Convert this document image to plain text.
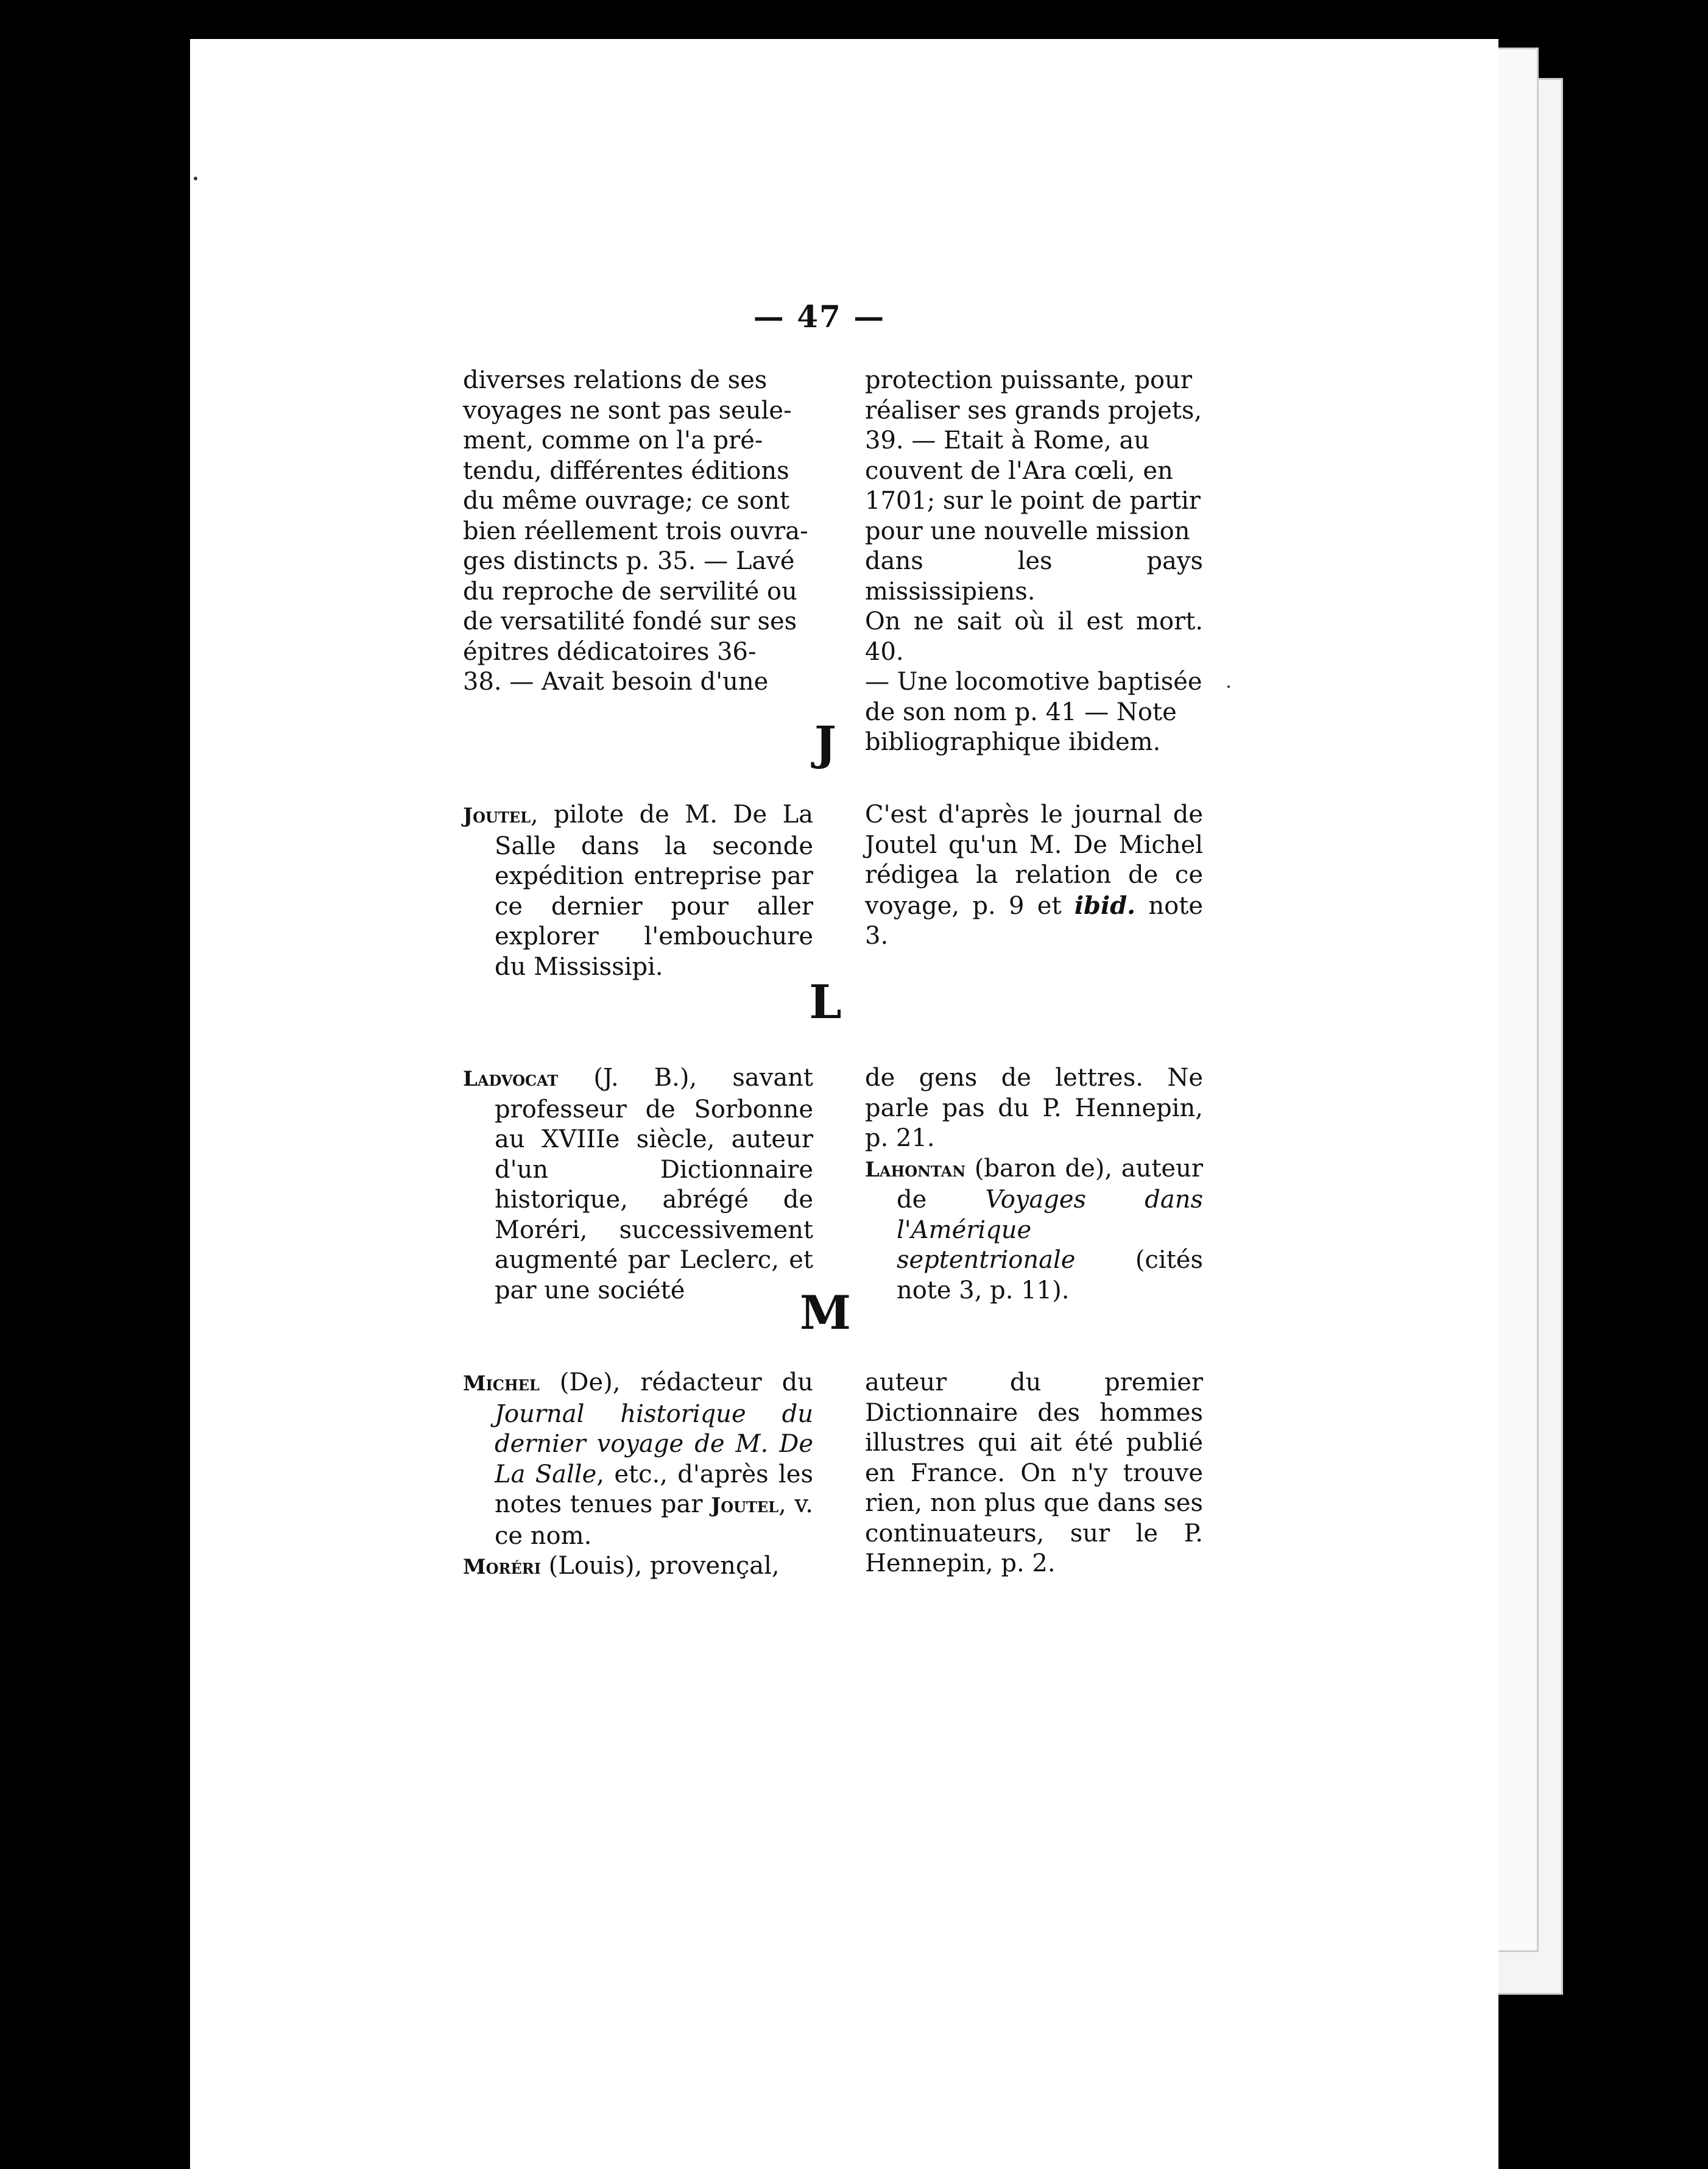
— 47 —

diverses relations de ses

voyages ne sont pas seule-

ment, comme on l'a pré-

tendu, différentes éditions

du même ouvrage; ce sont

bien réellement trois ouvra-

ges distincts p. 35. — Lavé

du reproche de servilité ou

de versatilité fondé sur ses

épitres dédicatoires 36-

38. — Avait besoin d'une

protection puissante, pour

réaliser ses grands projets,

39. — Etait à Rome, au

couvent de l'Ara cœli, en

1701; sur le point de partir

pour une nouvelle mission

dans les pays mississipiens.

On ne sait où il est mort. 40.

— Une locomotive baptisée

de son nom p. 41 — Note

bibliographique ibidem.

J

Joutel, pilote de M. De La Salle dans la seconde expédition entreprise par ce dernier pour aller explorer l'embouchure du Mississipi.

C'est d'après le journal de Joutel qu'un M. De Michel rédigea la relation de ce voyage, p. 9 et ibid. note 3.

L

Ladvocat (J. B.), savant professeur de Sorbonne au XVIIIe siècle, auteur d'un Dictionnaire historique, abrégé de Moréri, successivement augmenté par Leclerc, et par une société

de gens de lettres. Ne parle pas du P. Hennepin, p. 21.

Lahontan (baron de), auteur de Voyages dans l'Amérique septentrionale (cités note 3, p. 11).

M

Michel (De), rédacteur du Journal historique du dernier voyage de M. De La Salle, etc., d'après les notes tenues par Joutel, v. ce nom.

Moréri (Louis), provençal,

auteur du premier Dictionnaire des hommes illustres qui ait été publié en France. On n'y trouve rien, non plus que dans ses continuateurs, sur le P. Hennepin, p. 2.
